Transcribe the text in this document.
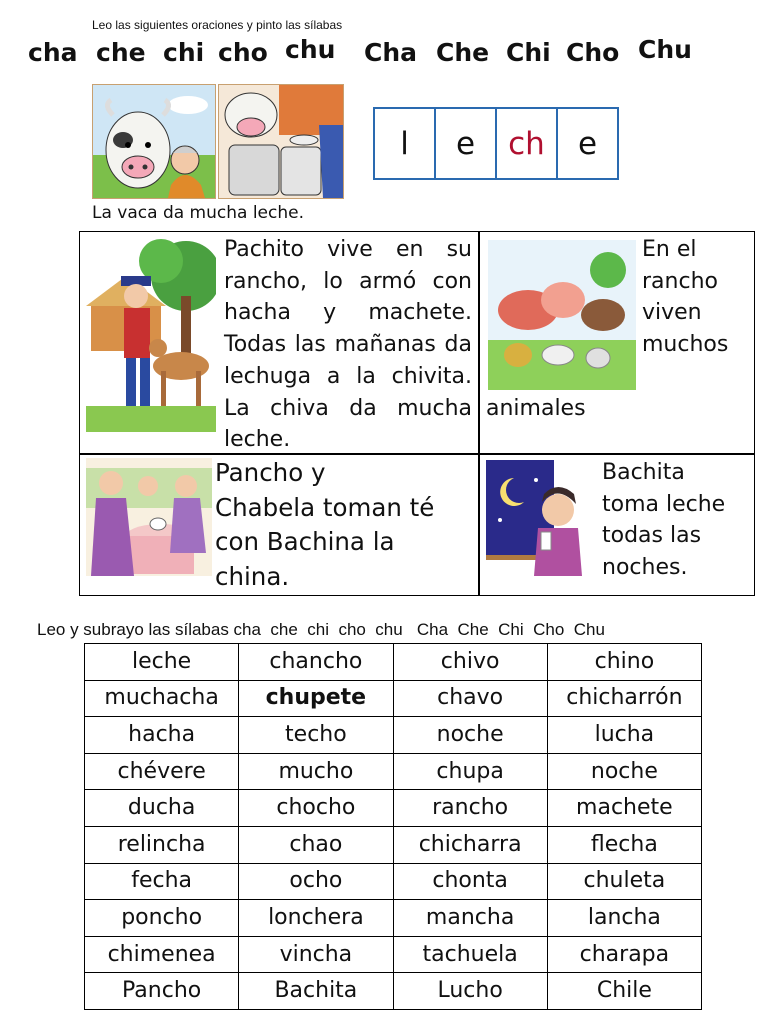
Leo las siguientes oraciones y pinto las sílabas
cha che chi cho chu Cha Che Chi Cho Chu
l	e	ch	e
La vaca da mucha leche.
Pachito vive en su rancho, lo armó con hacha y machete. Todas las mañanas da lechuga a la chivita. La chiva da mucha leche.
En el
rancho
viven
muchos
animales
Pancho y
Chabela toman té
con Bachina la
china.
Bachita
toma leche
todas las
noches.
Leo y subrayo las sílabas cha  che  chi  cho  chu   Cha  Che  Chi  Cho  Chu
leche	chancho	chivo	chino
muchacha	chupete	chavo	chicharrón
hacha	techo	noche	lucha
chévere	mucho	chupa	noche
ducha	chocho	rancho	machete
relincha	chao	chicharra	flecha
fecha	ocho	chonta	chuleta
poncho	lonchera	mancha	lancha
chimenea	vincha	tachuela	charapa
Pancho	Bachita	Lucho	Chile
